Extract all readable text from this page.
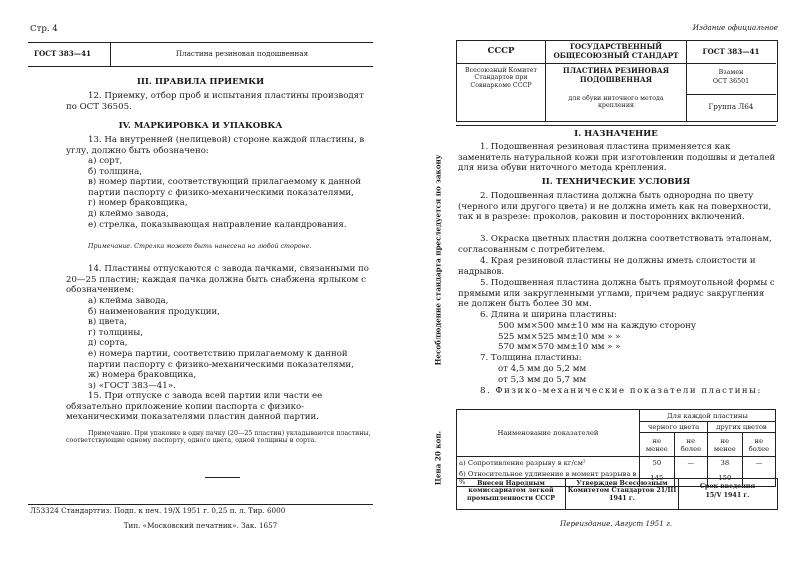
Стр. 4
ГОСТ 383—41	Пластина резиновая подошвенная
III. ПРАВИЛА ПРИЕМКИ
12. Приемку, отбор проб и испытания пластины производят по ОСТ 36505.
IV. МАРКИРОВКА И УПАКОВКА
13. На внутренней (нелицевой) стороне каждой пластины, в углу, должно быть обозначено:
а) сорт,
б) толщина,
в) номер партии, соответствующий прилагаемому к данной партии паспорту с физико-механическими показателями,
г) номер браковщика,
д) клеймо завода,
е) стрелка, показывающая направление каландрования.
Примечание. Стрелка может быть нанесена на любой стороне.
14. Пластины отпускаются с завода пачками, связанными по 20—25 пластин; каждая пачка должна быть снабжена ярлыком с обозначением:
а) клейма завода,
б) наименования продукции,
в) цвета,
г) толщины,
д) сорта,
е) номера партии, соответствию прилагаемому к данной партии паспорту с физико-механическими показателями,
ж) номера браковщика,
з) «ГОСТ 383—41».
15. При отпуске с завода всей партии или части ее обязательно приложение копии паспорта с физико-механическими показателями пластин данной партии.
Примечание. При упаковке в одну пачку (20—25 пластин) укладываются пластины, соответствующие одному паспорту, одного цвета, одной толщины и сорта.
Л53324 Стандартгиз. Подп. к печ. 19/X 1951 г. 0,25 п. л. Тир. 6000
Тип. «Московский печатник». Зак. 1657
Издание официальное
СССР
Всесоюзный Комитет Стандартов при Совнаркоме СССР
ГОСУДАРСТВЕННЫЙ ОБЩЕСОЮЗНЫЙ СТАНДАРТ
ПЛАСТИНА РЕЗИНОВАЯ ПОДОШВЕННАЯ
для обуви ниточного метода крепления
ГОСТ 383—41
Взамен
ОСТ 36501
Группа Л64
Несоблюдение стандарта преследуется по закону
Цена 20 коп.
I. НАЗНАЧЕНИЕ
1. Подошвенная резиновая пластина применяется как заменитель натуральной кожи при изготовлении подошвы и деталей для низа обуви ниточного метода крепления.
II. ТЕХНИЧЕСКИЕ УСЛОВИЯ
2. Подошвенная пластина должна быть однородна по цвету (черного или другого цвета) и не должна иметь как на поверхности, так и в разрезе: проколов, раковин и посторонних включений.
3. Окраска цветных пластин должна соответствовать эталонам, согласованным с потребителем.
4. Края резиновой пластины не должны иметь слоистости и надрывов.
5. Подошвенная пластина должна быть прямоугольной формы с прямыми или закругленными углами, причем радиус закругления не должен быть более 30 мм.
6. Длина и ширина пластины:
500 мм×500 мм±10 мм на каждую сторону
525 мм×525 мм±10 мм » »
570 мм×570 мм±10 мм » »
7. Толщина пластины:
от 4,5 мм до 5,2 мм
от 5,3 мм до 5,7 мм
8. Физико-механические показатели пластины:
Наименование показателей	Для каждой пластины			
	черного цвета		других цветов	
	не менее	не более	не менее	не более
а) Сопротивление разрыву в кг/см²	50	—	38	—
б) Относительное удлинение в момент разрыва в %	145	—	150	—
Внесен Народным комиссариатом легкой промышленности СССР
Утвержден Всесоюзным Комитетом Стандартов 21/III 1941 г.
Срок введения
15/V 1941 г.
Переиздание. Август 1951 г.
